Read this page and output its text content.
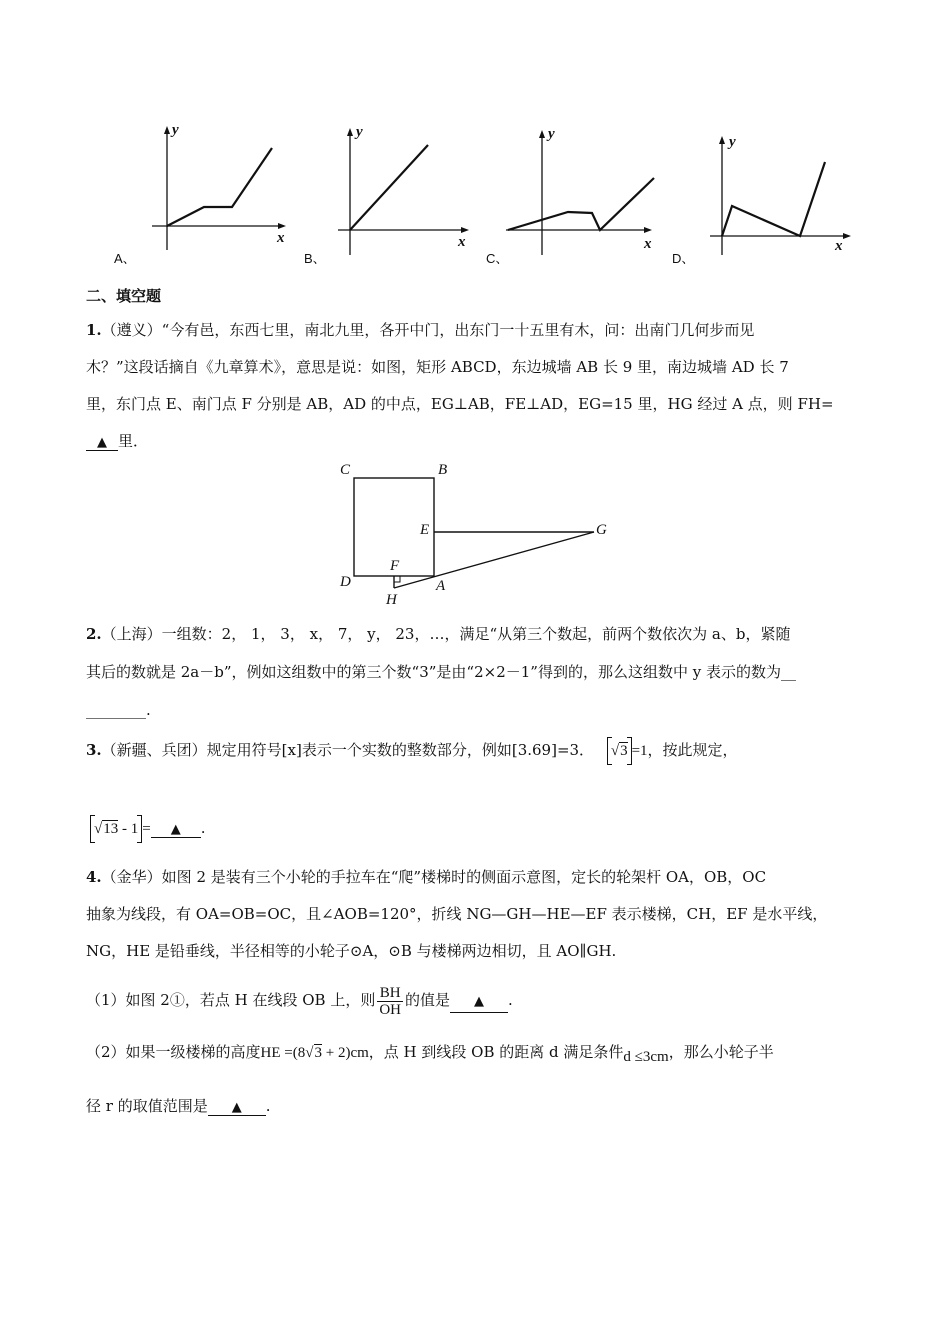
y
x
A、
y
x
B、
y
x
C、
y
x
D、
二、填空题
1.（遵义）“今有邑，东西七里，南北九里，各开中门，出东门一十五里有木，问：出南门几何步而见
木？”这段话摘自《九章算术》，意思是说：如图，矩形 ABCD，东边城墙 AB 长 9 里，南边城墙 AD 长 7
里，东门点 E、南门点 F 分别是 AB，AD 的中点，EG⊥AB，FE⊥AD，EG=15 里，HG 经过 A 点，则 FH=
▲ 里．
C	B
E	G
D
F
A
H
2.（上海）一组数：2， 1， 3， x， 7， y， 23，…，满足“从第三个数起，前两个数依次为 a、b，紧随
其后的数就是 2a－b”，例如这组数中的第三个数“3”是由“2×2－1”得到的，那么这组数中 y 表示的数为__
________.
3.（新疆、兵团）规定用符号[x]表示一个实数的整数部分，例如[3.69]=3． √3 =1，按此规定，
√13 - 1 = ▲ .
4.（金华）如图 2 是装有三个小轮的手拉车在“爬”楼梯时的侧面示意图，定长的轮架杆 OA，OB，OC
抽象为线段，有 OA=OB=OC，且∠AOB=120°，折线 NG—GH—HE—EF 表示楼梯，CH，EF 是水平线，
NG，HE 是铅垂线，半径相等的小轮子⊙A，⊙B 与楼梯两边相切，且 AO∥GH.
（1）如图 2①，若点 H 在线段 OB 上，则 $\frac{BH}{OH}$ 的值是 ▲ .
（2）如果一级楼梯的高度HE =(8√3 + 2)cm，点 H 到线段 OB 的距离 d 满足条件d ≤3cm，那么小轮子半
径 r 的取值范围是 ▲ .
